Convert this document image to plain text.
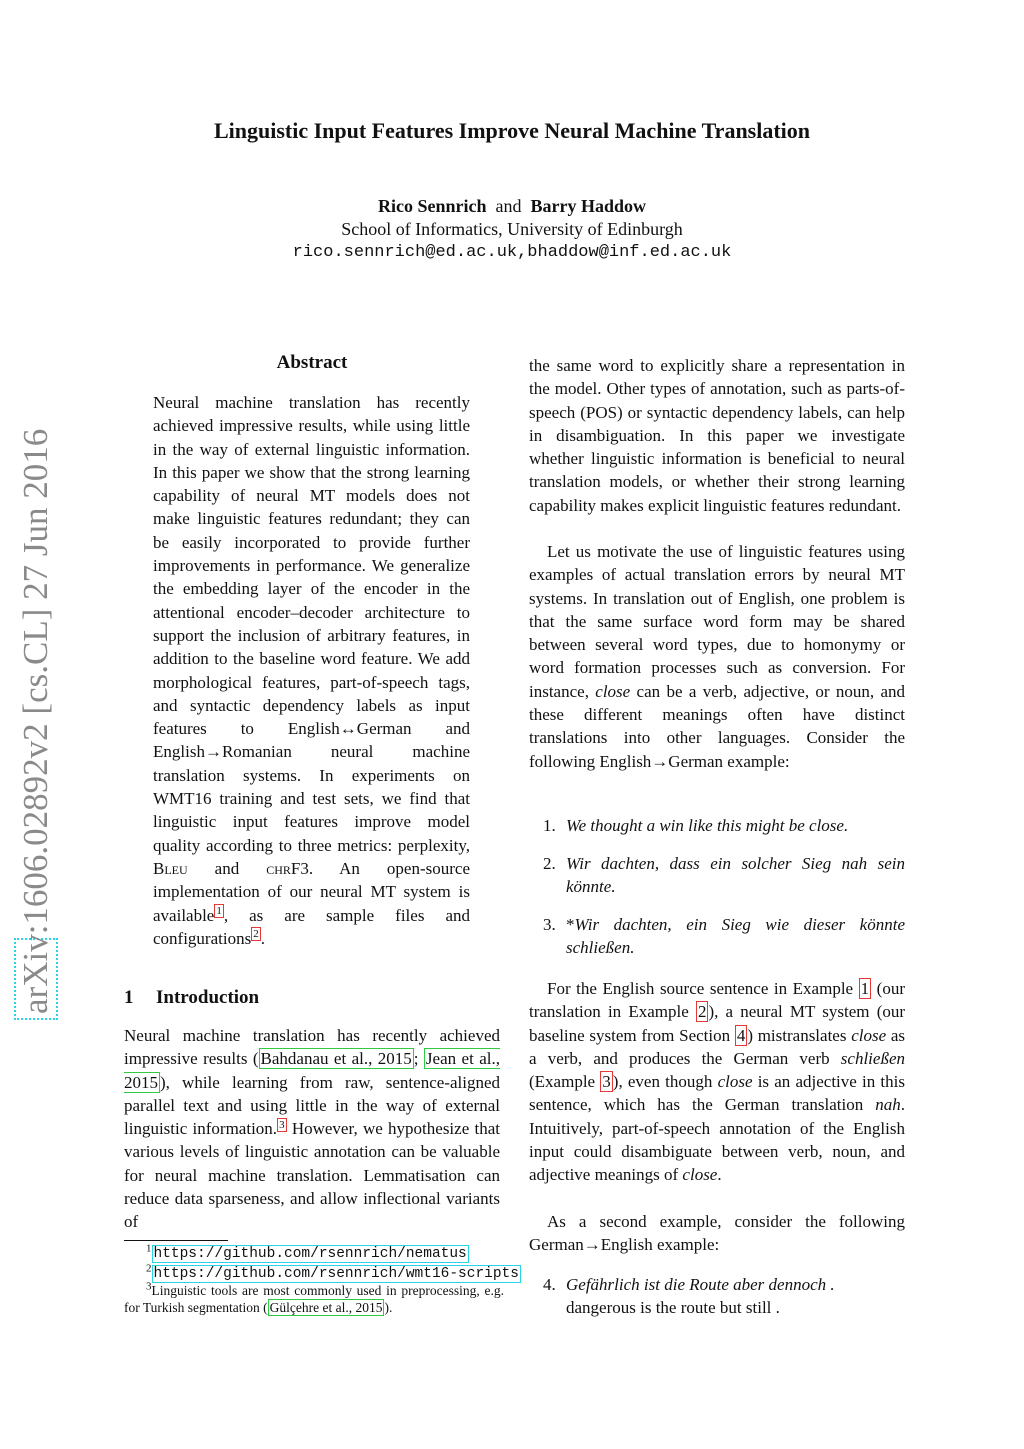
Linguistic Input Features Improve Neural Machine Translation
Rico Sennrich and Barry Haddow
School of Informatics, University of Edinburgh
rico.sennrich@ed.ac.uk,bhaddow@inf.ed.ac.uk
arXiv:1606.02892v2 [cs.CL] 27 Jun 2016
Abstract

Neural machine translation has recently achieved impressive results, while using little in the way of external linguistic information. In this paper we show that the strong learning capability of neural MT models does not make linguistic features redundant; they can be easily incorporated to provide further improvements in performance. We generalize the embedding layer of the encoder in the attentional encoder–decoder architecture to support the inclusion of arbitrary features, in addition to the baseline word feature. We add morphological features, part-of-speech tags, and syntactic dependency labels as input features to English↔German and English→Romanian neural machine translation systems. In experiments on WMT16 training and test sets, we find that linguistic input features improve model quality according to three metrics: perplexity, Bleu and chrF3. An open-source implementation of our neural MT system is available $^1$ , as are sample files and configurations $^2$ .

1 Introduction

Neural machine translation has recently achieved impressive results ( Bahdanau et al., 2015 ; Jean et al., 2015 ), while learning from raw, sentence-aligned parallel text and using little in the way of external linguistic information. $^3$ However, we hypothesize that various levels of linguistic annotation can be valuable for neural machine translation. Lemmatisation can reduce data sparseness, and allow inflectional variants of

$^1$ https://github.com/rsennrich/nematus
$^2$ https://github.com/rsennrich/wmt16-scripts
$^3$Linguistic tools are most commonly used in preprocessing, e.g. for Turkish segmentation ( Gülçehre et al., 2015 ).

the same word to explicitly share a representation in the model. Other types of annotation, such as parts-of-speech (POS) or syntactic dependency labels, can help in disambiguation. In this paper we investigate whether linguistic information is beneficial to neural translation models, or whether their strong learning capability makes explicit linguistic features redundant.

Let us motivate the use of linguistic features using examples of actual translation errors by neural MT systems. In translation out of English, one problem is that the same surface word form may be shared between several word types, due to homonymy or word formation processes such as conversion. For instance, close can be a verb, adjective, or noun, and these different meanings often have distinct translations into other languages. Consider the following English→German example:

1. We thought a win like this might be close.
2. Wir dachten, dass ein solcher Sieg nah sein könnte.
3. *Wir dachten, ein Sieg wie dieser könnte schließen.

For the English source sentence in Example 1 (our translation in Example 2 ), a neural MT system (our baseline system from Section 4 ) mistranslates close as a verb, and produces the German verb schließen (Example 3 ), even though close is an adjective in this sentence, which has the German translation nah. Intuitively, part-of-speech annotation of the English input could disambiguate between verb, noun, and adjective meanings of close.

As a second example, consider the following German→English example:

4. Gefährlich ist die Route aber dennoch .
dangerous is the route but still .
